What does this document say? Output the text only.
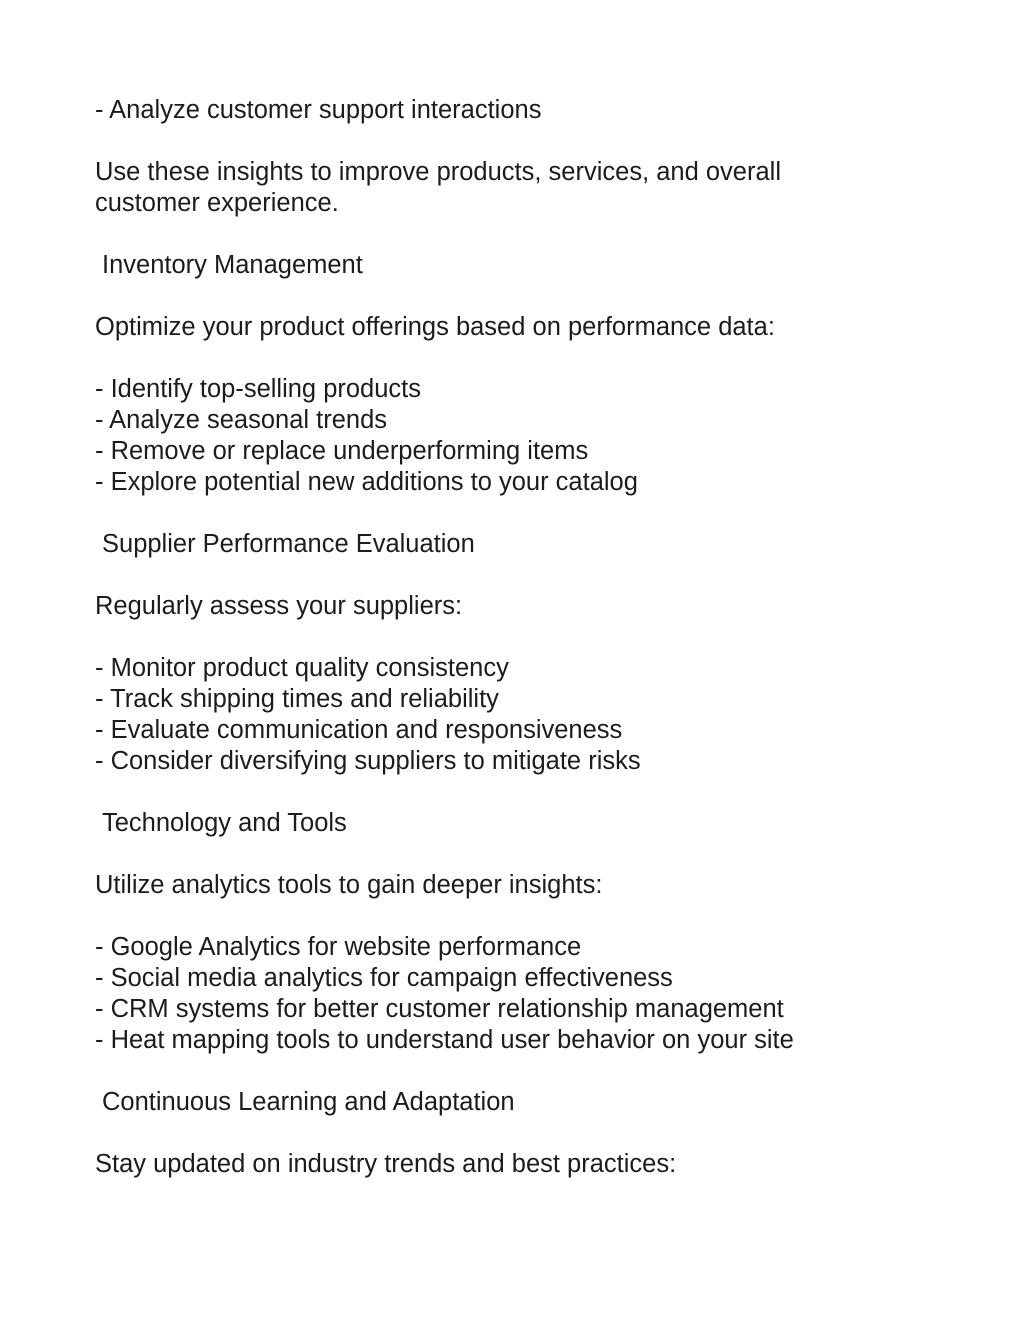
- Analyze customer support interactions
Use these insights to improve products, services, and overall
customer experience.
Inventory Management
Optimize your product offerings based on performance data:
- Identify top-selling products
- Analyze seasonal trends
- Remove or replace underperforming items
- Explore potential new additions to your catalog
Supplier Performance Evaluation
Regularly assess your suppliers:
- Monitor product quality consistency
- Track shipping times and reliability
- Evaluate communication and responsiveness
- Consider diversifying suppliers to mitigate risks
Technology and Tools
Utilize analytics tools to gain deeper insights:
- Google Analytics for website performance
- Social media analytics for campaign effectiveness
- CRM systems for better customer relationship management
- Heat mapping tools to understand user behavior on your site
Continuous Learning and Adaptation
Stay updated on industry trends and best practices:
